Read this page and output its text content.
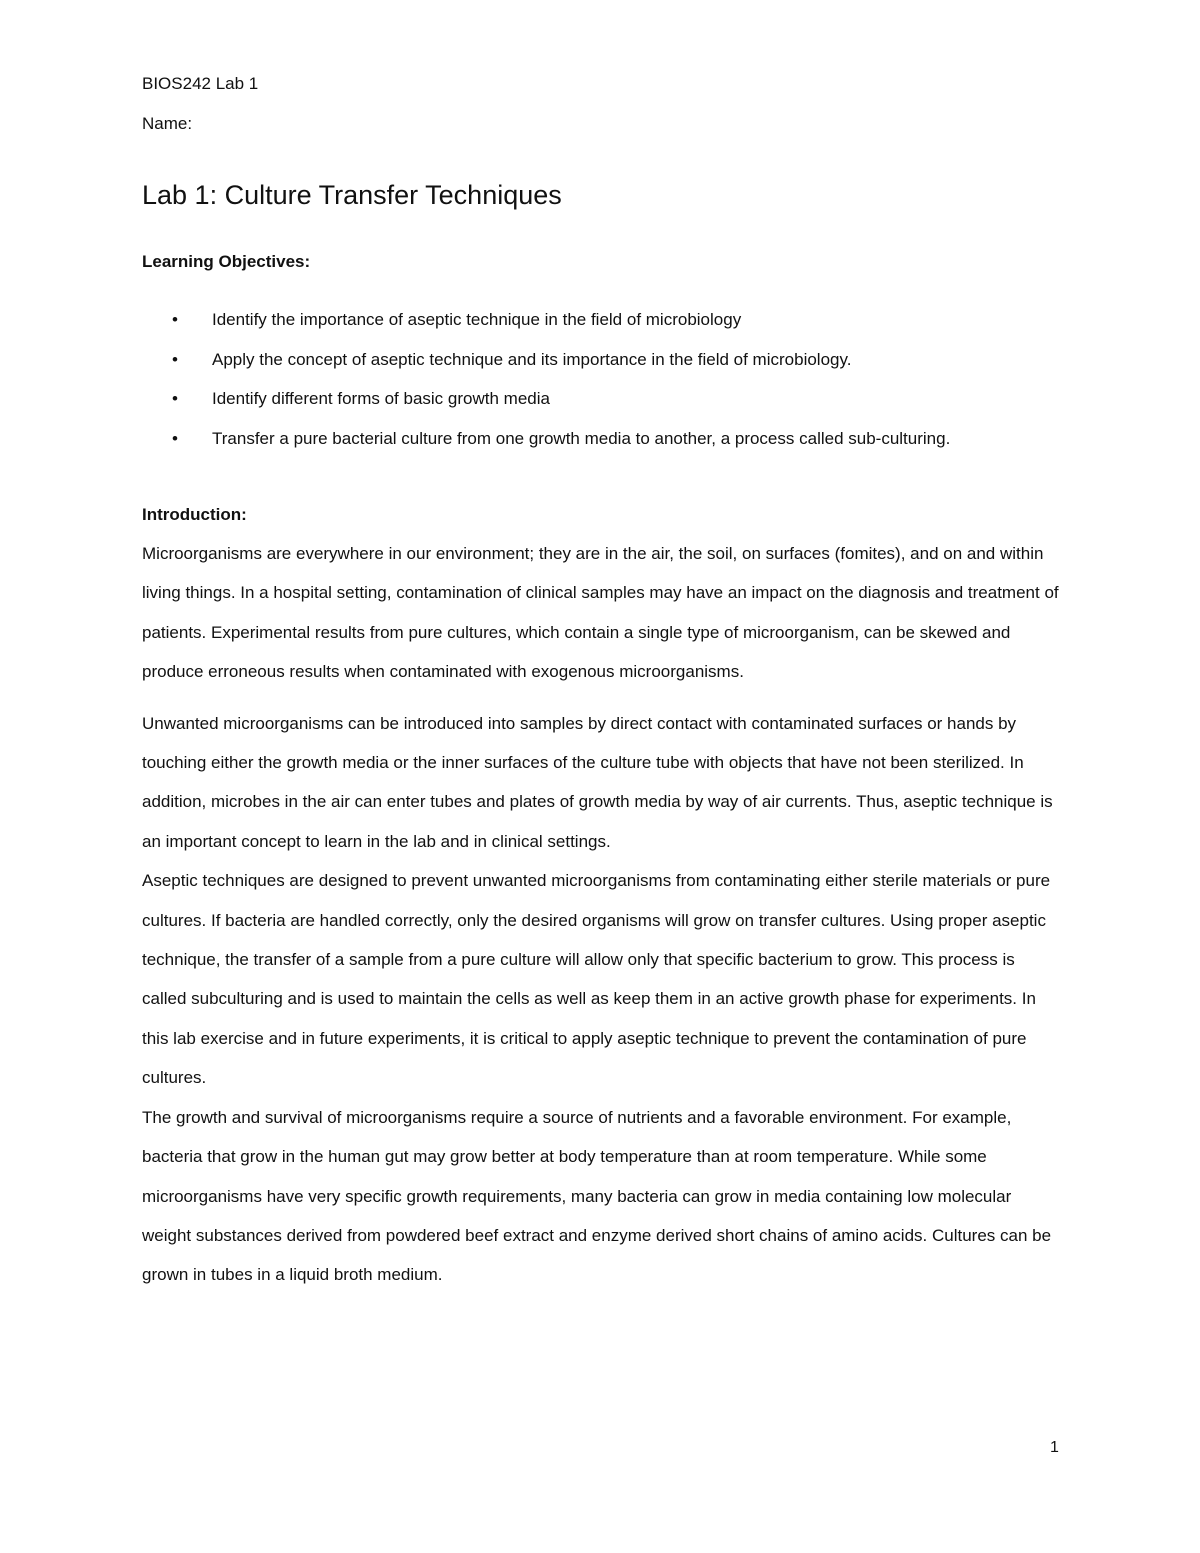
BIOS242 Lab 1

Name:

Lab 1: Culture Transfer Techniques
Learning Objectives:
• Identify the importance of aseptic technique in the field of microbiology
• Apply the concept of aseptic technique and its importance in the field of microbiology.
• Identify different forms of basic growth media
• Transfer a pure bacterial culture from one growth media to another, a process called sub-culturing.
Introduction:

Microorganisms are everywhere in our environment; they are in the air, the soil, on surfaces (fomites), and on and within living things. In a hospital setting, contamination of clinical samples may have an impact on the diagnosis and treatment of patients. Experimental results from pure cultures, which contain a single type of microorganism, can be skewed and produce erroneous results when contaminated with exogenous microorganisms.

Unwanted microorganisms can be introduced into samples by direct contact with contaminated surfaces or hands by touching either the growth media or the inner surfaces of the culture tube with objects that have not been sterilized. In addition, microbes in the air can enter tubes and plates of growth media by way of air currents. Thus, aseptic technique is an important concept to learn in the lab and in clinical settings.

Aseptic techniques are designed to prevent unwanted microorganisms from contaminating either sterile materials or pure cultures. If bacteria are handled correctly, only the desired organisms will grow on transfer cultures. Using proper aseptic technique, the transfer of a sample from a pure culture will allow only that specific bacterium to grow. This process is called subculturing and is used to maintain the cells as well as keep them in an active growth phase for experiments. In this lab exercise and in future experiments, it is critical to apply aseptic technique to prevent the contamination of pure cultures.

The growth and survival of microorganisms require a source of nutrients and a favorable environment. For example, bacteria that grow in the human gut may grow better at body temperature than at room temperature. While some microorganisms have very specific growth requirements, many bacteria can grow in media containing low molecular weight substances derived from powdered beef extract and enzyme derived short chains of amino acids. Cultures can be grown in tubes in a liquid broth medium.

1
